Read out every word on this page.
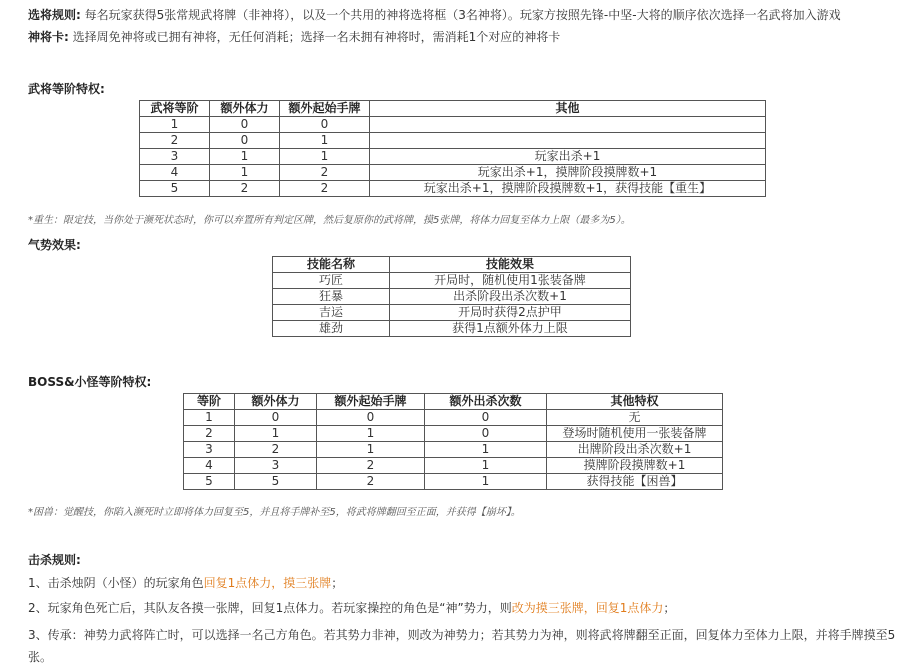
选将规则: 每名玩家获得5张常规武将牌（非神将），以及一个共用的神将选将框（3名神将）。玩家方按照先锋-中坚-大将的顺序依次选择一名武将加入游戏
神将卡: 选择周免神将或已拥有神将，无任何消耗；选择一名未拥有神将时，需消耗1个对应的神将卡
武将等阶特权:
武将等阶	额外体力	额外起始手牌	其他
1	0	0	
2	0	1	
3	1	1	玩家出杀+1
4	1	2	玩家出杀+1，摸牌阶段摸牌数+1
5	2	2	玩家出杀+1，摸牌阶段摸牌数+1，获得技能【重生】
*重生：限定技，当你处于濒死状态时，你可以弃置所有判定区牌，然后复原你的武将牌，摸5张牌，将体力回复至体力上限（最多为5）。
气势效果:
技能名称	技能效果
巧匠	开局时，随机使用1张装备牌
狂暴	出杀阶段出杀次数+1
吉运	开局时获得2点护甲
雄劲	获得1点额外体力上限
BOSS&小怪等阶特权:
等阶	额外体力	额外起始手牌	额外出杀次数	其他特权
1	0	0	0	无
2	1	1	0	登场时随机使用一张装备牌
3	2	1	1	出牌阶段出杀次数+1
4	3	2	1	摸牌阶段摸牌数+1
5	5	2	1	获得技能【困兽】
*困兽：觉醒技，你陷入濒死时立即将体力回复至5，并且将手牌补至5，将武将牌翻回至正面，并获得【崩坏】。
击杀规则:
1、击杀烛阴（小怪）的玩家角色回复1点体力，摸三张牌；
2、玩家角色死亡后，其队友各摸一张牌，回复1点体力。若玩家操控的角色是“神”势力，则改为摸三张牌，回复1点体力；
3、传承：神势力武将阵亡时，可以选择一名己方角色。若其势力非神，则改为神势力；若其势力为神，则将武将牌翻至正面，回复体力至体力上限，并将手牌摸至5张。
